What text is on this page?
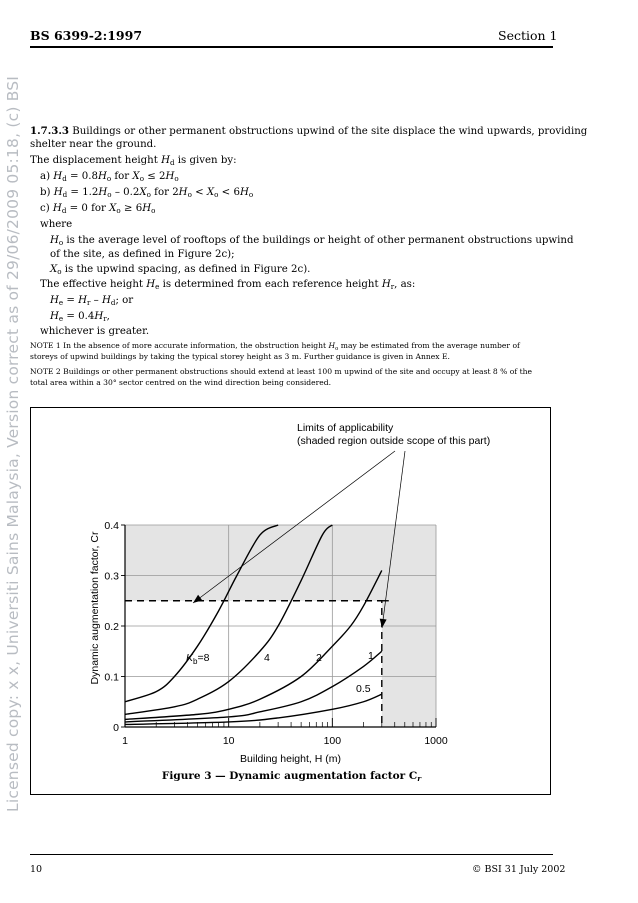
BS 6399-2:1997	Section 1
Licensed copy: x x, Universiti Sains Malaysia, Version correct as of 29/06/2009 05:18, (c) BSI 1.7.3.3 Buildings or other permanent obstructions upwind of the site displace the wind upwards, providing
shelter near the ground.
The displacement height $H_d$ is given by:
a) $H_d = 0.8H_o$ for $X_o \le 2H_o$
b) $H_d = 1.2H_o - 0.2X_o$ for $2H_o < X_o < 6H_o$
c) $H_d = 0$ for $X_o \ge 6H_o$
where
$H_o$ is the average level of rooftops of the buildings or height of other permanent obstructions upwind
of the site, as defined in Figure 2c);
$X_o$ is the upwind spacing, as defined in Figure 2c).
The effective height $H_e$ is determined from each reference height $H_r$, as:
$H_e = H_r - H_d$; or
$H_e = 0.4H_r$,
whichever is greater.
NOTE 1 In the absence of more accurate information, the obstruction height $H_o$ may be estimated from the average number of
storeys of upwind buildings by taking the typical storey height as 3 m. Further guidance is given in Annex E.
NOTE 2 Buildings or other permanent obstructions should extend at least 100 m upwind of the site and occupy at least 8 % of the
total area within a 30° sector centred on the wind direction being considered.
1	10	100	1000
0
0.1
0.2
0.3
0.4
Building height, H (m)
Dynamic augmentation factor, Cr
Limits of applicability
(shaded region outside scope of this part)
$K_b=8$	4	2	1
0.5
Figure 3 — Dynamic augmentation factor $C_r$
10	© BSI 31 July 2002
